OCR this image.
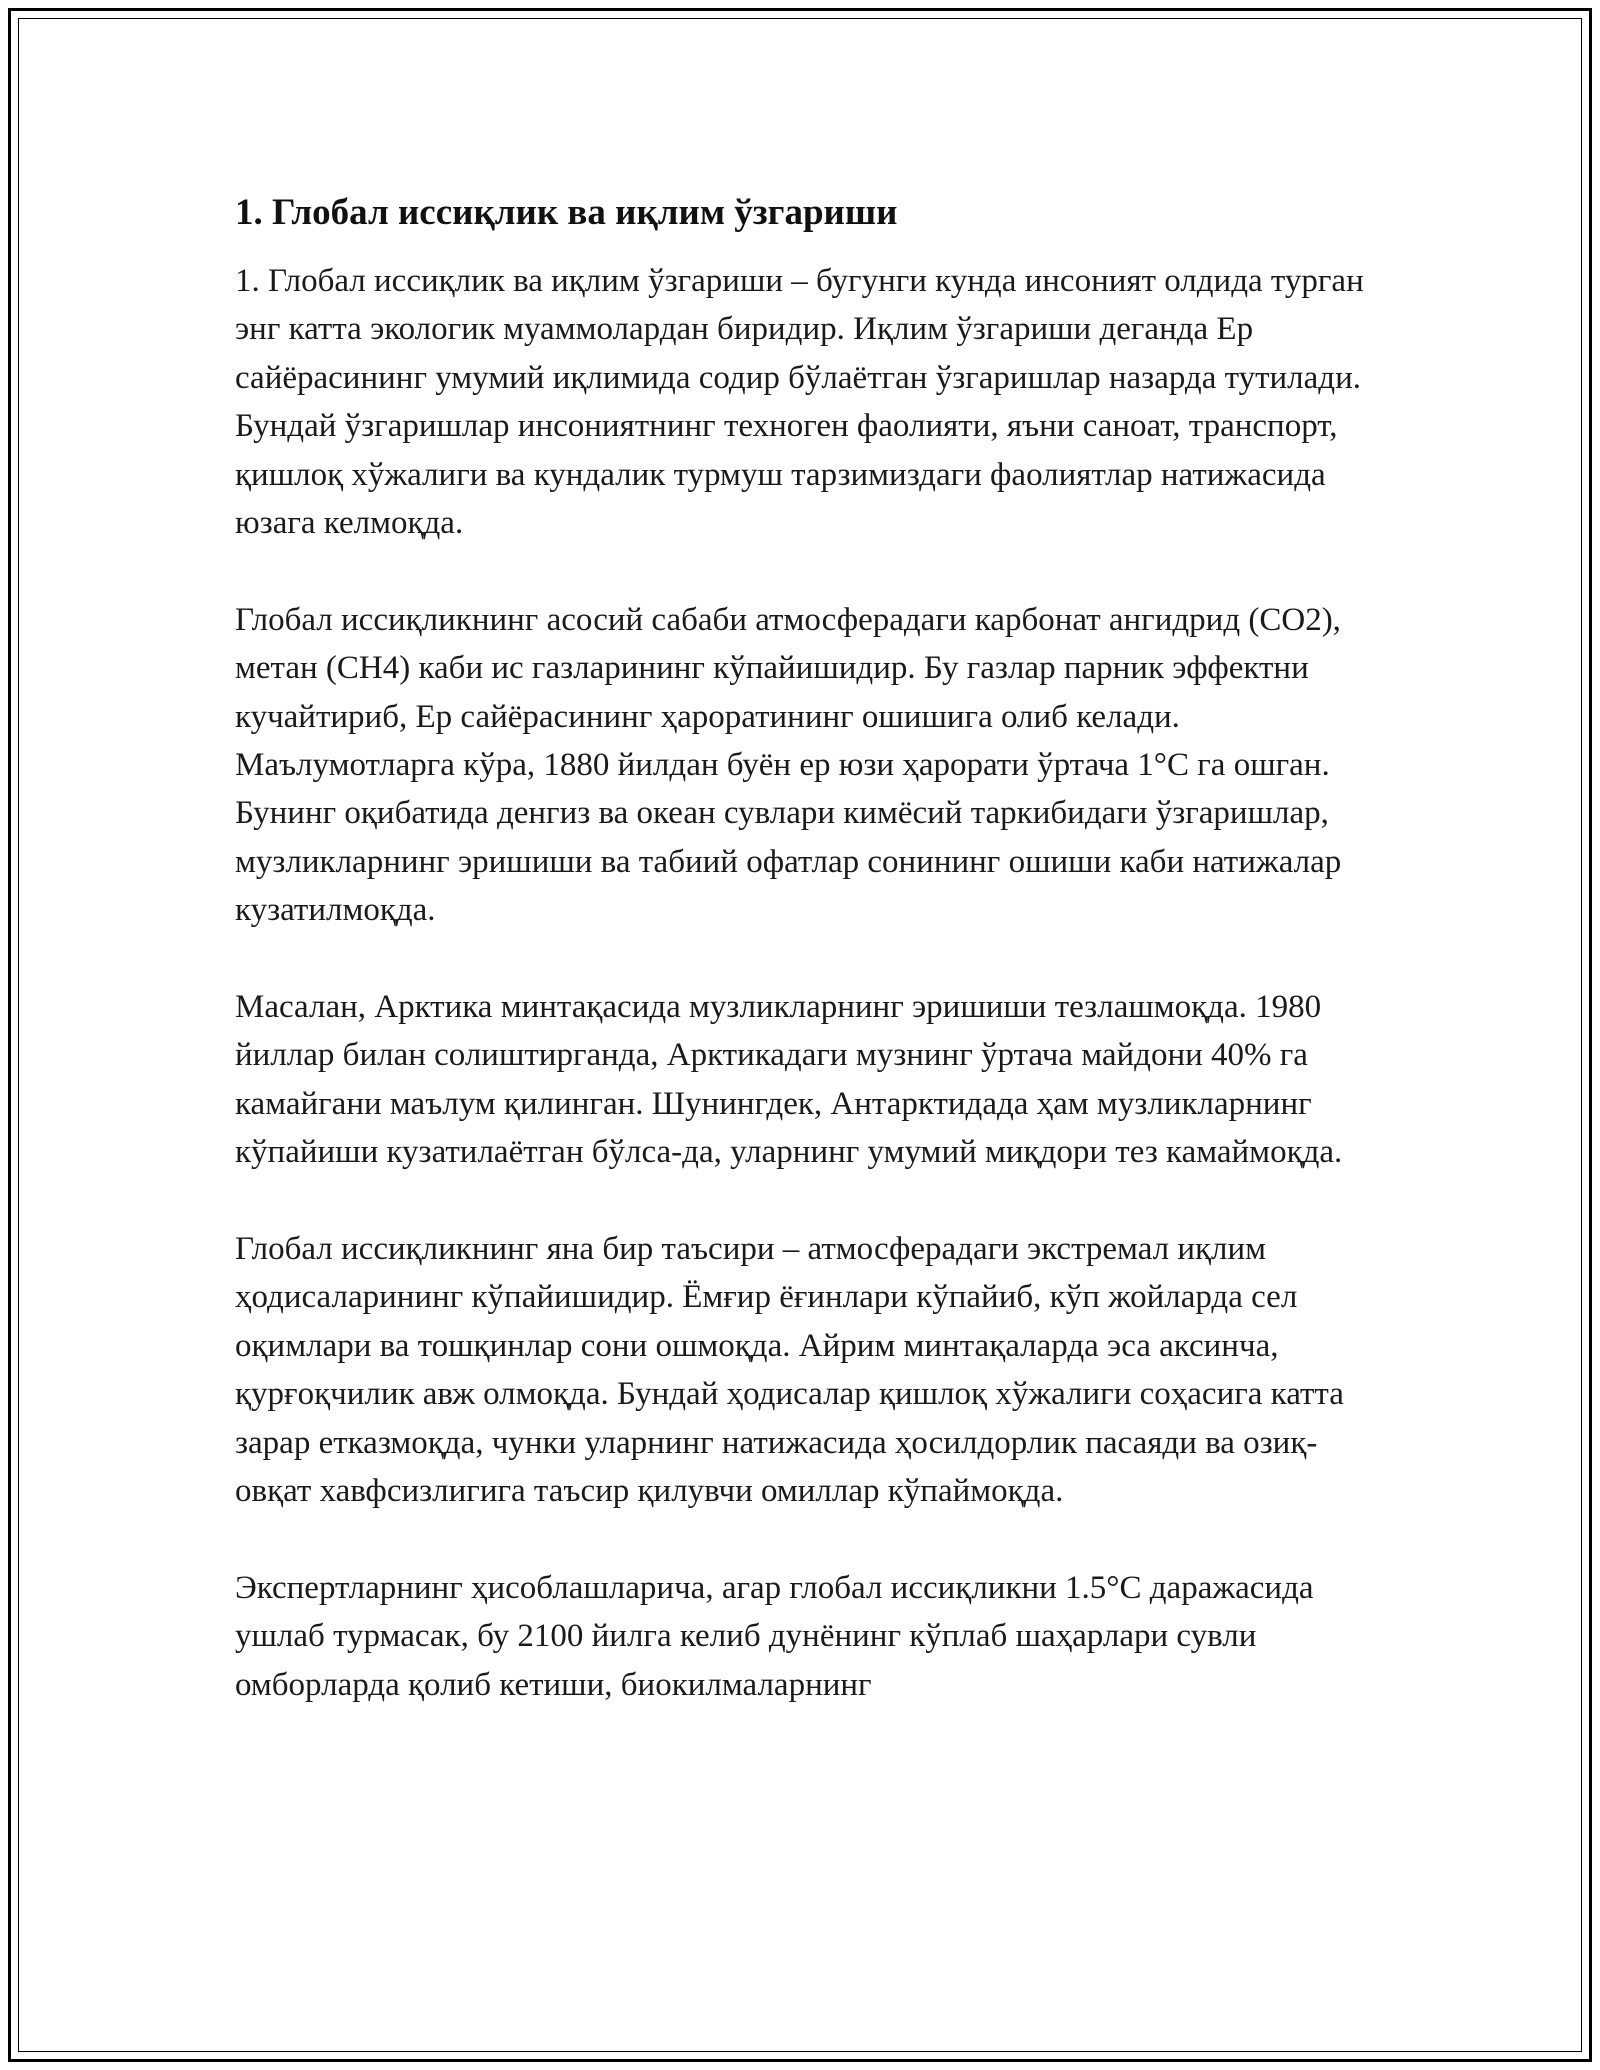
1. Глобал иссиқлик ва иқлим ўзгариши

1. Глобал иссиқлик ва иқлим ўзгариши – бугунги кунда инсоният олдида турган энг катта экологик муаммолардан биридир. Иқлим ўзгариши деганда Ер сайёрасининг умумий иқлимида содир бўлаётган ўзгаришлар назарда тутилади. Бундай ўзгаришлар инсониятнинг техноген фаолияти, яъни саноат, транспорт, қишлоқ хўжалиги ва кундалик турмуш тарзимиздаги фаолиятлар натижасида юзага келмоқда.

Глобал иссиқликнинг асосий сабаби атмосферадаги карбонат ангидрид (CO2), метан (CH4) каби ис газларининг кўпайишидир. Бу газлар парник эффектни кучайтириб, Ер сайёрасининг ҳароратининг ошишига олиб келади. Маълумотларга кўра, 1880 йилдан буён ер юзи ҳарорати ўртача 1°C га ошган. Бунинг оқибатида денгиз ва океан сувлари кимёсий таркибидаги ўзгаришлар, музликларнинг эришиши ва табиий офатлар сонининг ошиши каби натижалар кузатилмоқда.

Масалан, Арктика минтақасида музликларнинг эришиши тезлашмоқда. 1980 йиллар билан солиштирганда, Арктикадаги музнинг ўртача майдони 40% га камайгани маълум қилинган. Шунингдек, Антарктидада ҳам музликларнинг кўпайиши кузатилаётган бўлса-да, уларнинг умумий миқдори тез камаймоқда.

Глобал иссиқликнинг яна бир таъсири – атмосферадаги экстремал иқлим ҳодисаларининг кўпайишидир. Ёмғир ёғинлари кўпайиб, кўп жойларда сел оқимлари ва тошқинлар сони ошмоқда. Айрим минтақаларда эса аксинча, қурғоқчилик авж олмоқда. Бундай ҳодисалар қишлоқ хўжалиги соҳасига катта зарар етказмоқда, чунки уларнинг натижасида ҳосилдорлик пасаяди ва озиқ-овқат хавфсизлигига таъсир қилувчи омиллар кўпаймоқда.

Экспертларнинг ҳисоблашларича, агар глобал иссиқликни 1.5°C даражасида ушлаб турмасак, бу 2100 йилга келиб дунёнинг кўплаб шаҳарлари сувли омборларда қолиб кетиши, биокилмаларнинг
